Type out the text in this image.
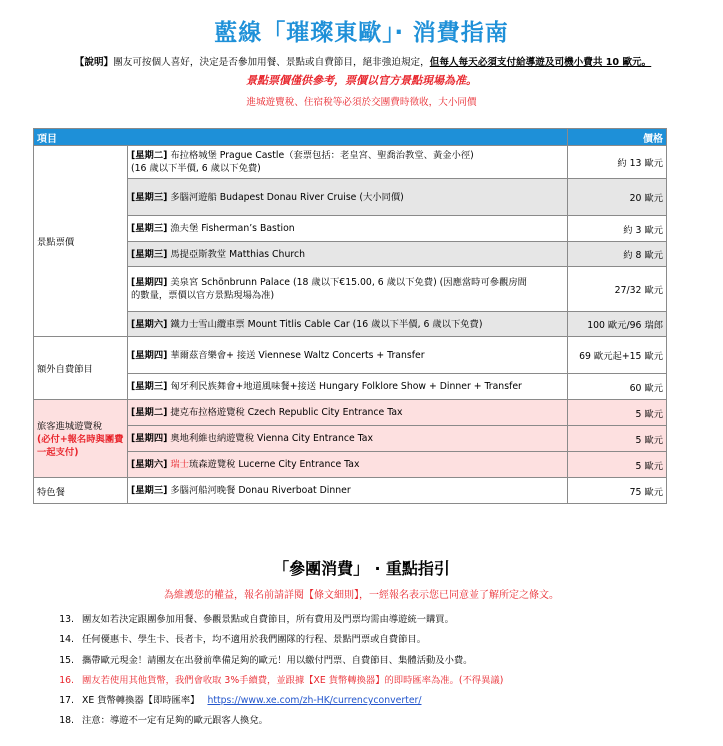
藍線「璀璨東歐」‧ 消費指南
【說明】團友可按個人喜好，決定是否參加用餐、景點或自費節目，絕非強迫規定，但每人每天必須支付給導遊及司機小費共 10 歐元。
景點票價僅供參考，票價以官方景點現場為准。
進城遊覽稅、住宿稅等必須於交團費時徵收，大小同價
項目		價格
景點票價	[星期二] 布拉格城堡 Prague Castle（套票包括：老皇宮、聖喬治教堂、黃金小徑)
(16 歲以下半價, 6 歲以下免費)	約 13 歐元
	[星期三] 多腦河遊船 Budapest Donau River Cruise (大小同價)	20 歐元
	[星期三] 漁夫堡 Fisherman’s Bastion	約 3 歐元
	[星期三] 馬提亞斯教堂 Matthias Church	約 8 歐元
	[星期四] 美泉宮 Schönbrunn Palace (18 歲以下€15.00, 6 歲以下免費) (因應當時可參觀房間
的數量，票價以官方景點現場為准)	27/32 歐元
	[星期六] 鐵力士雪山纜車票 Mount Titlis Cable Car (16 歲以下半價, 6 歲以下免費)	100 歐元/96 瑞郎
額外自費節目	[星期四] 華爾茲音樂會+ 接送 Viennese Waltz Concerts + Transfer	69 歐元起+15 歐元
	[星期三] 匈牙利民族舞會+地道風味餐+接送 Hungary Folklore Show + Dinner + Transfer	60 歐元
旅客進城遊覽稅
(必付+報名時與團費一起支付)	[星期二] 捷克布拉格遊覽稅 Czech Republic City Entrance Tax	5 歐元
	[星期四] 奧地利維也納遊覽稅 Vienna City Entrance Tax	5 歐元
	[星期六] 瑞士琉森遊覽稅 Lucerne City Entrance Tax	5 歐元
特色餐	[星期三] 多腦河船河晚餐 Donau Riverboat Dinner	75 歐元
「參團消費」 ‧ 重點指引
為維護您的權益，報名前請詳閱【條文細則】，一經報名表示您已同意並了解所定之條文。
13. 團友如若決定跟團參加用餐、參觀景點或自費節目，所有費用及門票均需由導遊統一購買。
14. 任何優惠卡、學生卡、長者卡，均不適用於我們團隊的行程、景點門票或自費節目。
15. 攜帶歐元現金！請團友在出發前準備足夠的歐元！用以繳付門票、自費節目、集體活動及小費。
16. 團友若使用其他貨幣，我們會收取 3%手續費，並跟據【XE 貨幣轉換器】的即時匯率為准。(不得異議)
17. XE 貨幣轉換器【即時匯率】 https://www.xe.com/zh-HK/currencyconverter/
18. 注意：導遊不一定有足夠的歐元跟客人換兌。
